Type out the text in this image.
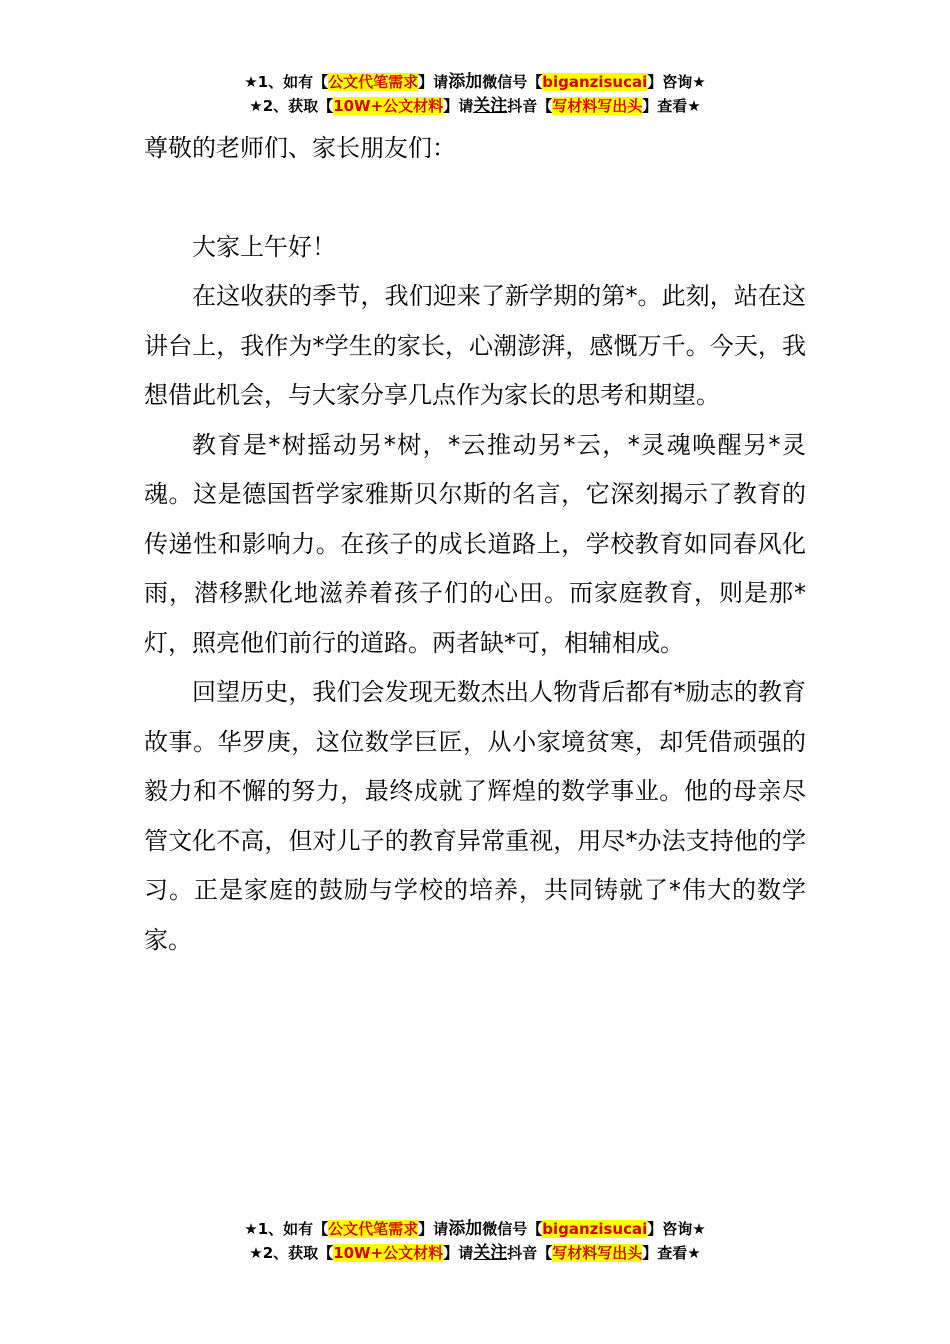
★1、如有【公文代笔需求】请添加微信号【biganzisucai】咨询★
★2、获取【10W+公文材料】请关注抖音【写材料写出头】查看★

尊敬的老师们、家长朋友们：

大家上午好！

在这收获的季节，我们迎来了新学期的第*。此刻，站在这讲台上，我作为*学生的家长，心潮澎湃，感慨万千。今天，我想借此机会，与大家分享几点作为家长的思考和期望。

教育是*树摇动另*树，*云推动另*云，*灵魂唤醒另*灵魂。这是德国哲学家雅斯贝尔斯的名言，它深刻揭示了教育的传递性和影响力。在孩子的成长道路上，学校教育如同春风化雨，潜移默化地滋养着孩子们的心田。而家庭教育，则是那*灯，照亮他们前行的道路。两者缺*可，相辅相成。

回望历史，我们会发现无数杰出人物背后都有*励志的教育故事。华罗庚，这位数学巨匠，从小家境贫寒，却凭借顽强的毅力和不懈的努力，最终成就了辉煌的数学事业。他的母亲尽管文化不高，但对儿子的教育异常重视，用尽*办法支持他的学习。正是家庭的鼓励与学校的培养，共同铸就了*伟大的数学家。

★1、如有【公文代笔需求】请添加微信号【biganzisucai】咨询★
★2、获取【10W+公文材料】请关注抖音【写材料写出头】查看★
